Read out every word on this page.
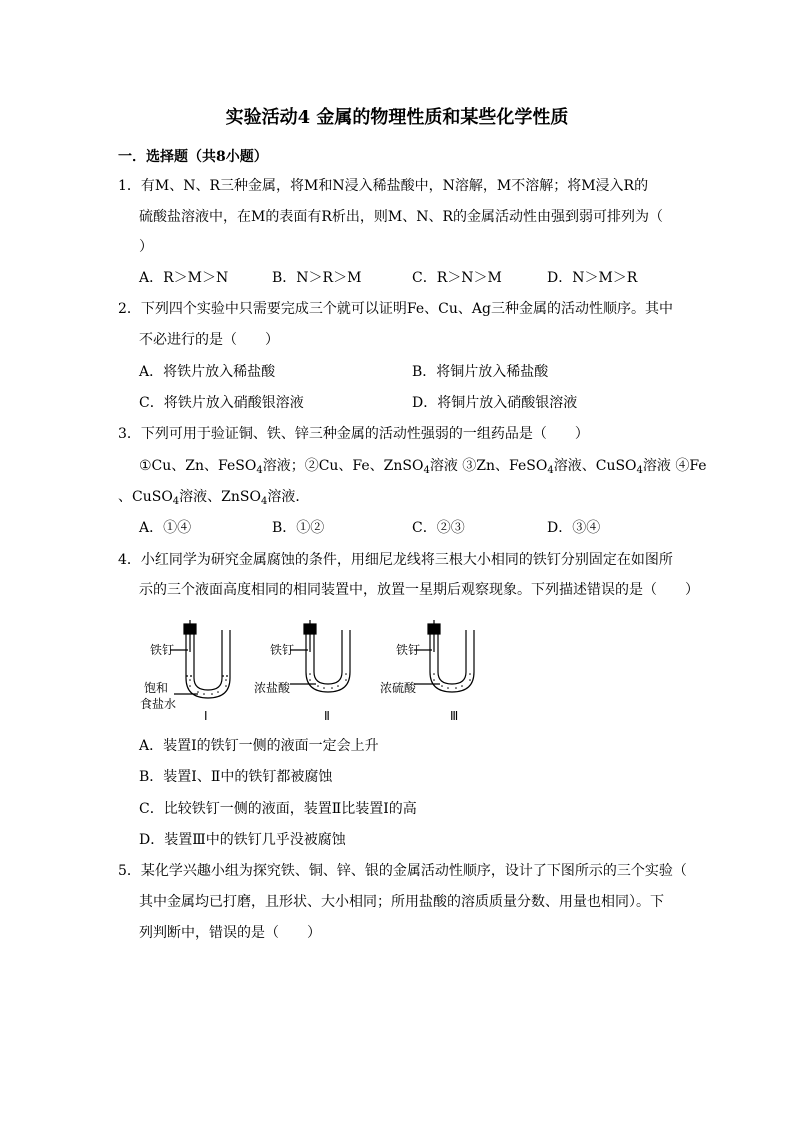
实验活动4 金属的物理性质和某些化学性质
一．选择题（共8小题）
1．有M、N、R三种金属，将M和N浸入稀盐酸中，N溶解，M不溶解；将M浸入R的
硫酸盐溶液中，在M的表面有R析出，则M、N、R的金属活动性由强到弱可排列为（
）
A．R＞M＞N	B．N＞R＞M	C．R＞N＞M	D．N＞M＞R
2．下列四个实验中只需要完成三个就可以证明Fe、Cu、Ag三种金属的活动性顺序。其中
不必进行的是（　　）
A．将铁片放入稀盐酸	B．将铜片放入稀盐酸
C．将铁片放入硝酸银溶液	D．将铜片放入硝酸银溶液
3．下列可用于验证铜、铁、锌三种金属的活动性强弱的一组药品是（　　）
①Cu、Zn、FeSO$_4$溶液；②Cu、Fe、ZnSO$_4$溶液 ③Zn、FeSO$_4$溶液、CuSO$_4$溶液 ④Fe
、CuSO$_4$溶液、ZnSO$_4$溶液．
A．①④	B．①②	C．②③	D．③④
4．小红同学为研究金属腐蚀的条件，用细尼龙线将三根大小相同的铁钉分别固定在如图所
示的三个液面高度相同的相同装置中，放置一星期后观察现象。下列描述错误的是（　　）
铁钉
饱和
食盐水
Ⅰ
铁钉
浓盐酸
Ⅱ
铁钉
浓硫酸
Ⅲ
A．装置Ⅰ的铁钉一侧的液面一定会上升
B．装置Ⅰ、Ⅱ中的铁钉都被腐蚀
C．比较铁钉一侧的液面，装置Ⅱ比装置Ⅰ的高
D．装置Ⅲ中的铁钉几乎没被腐蚀
5．某化学兴趣小组为探究铁、铜、锌、银的金属活动性顺序，设计了下图所示的三个实验（
其中金属均已打磨，且形状、大小相同；所用盐酸的溶质质量分数、用量也相同）。下
列判断中，错误的是（　　）
